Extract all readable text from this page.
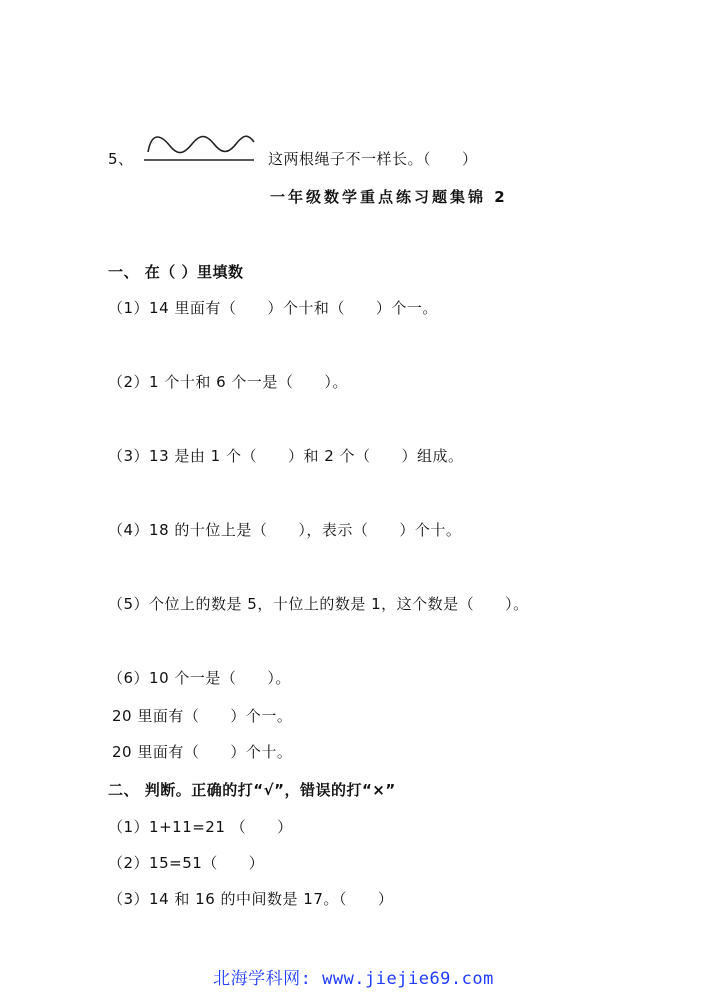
5、	这两根绳子不一样长。（　　）
一年级数学重点练习题集锦 2
一、 在（ ）里填数
（1）14 里面有（　　）个十和（　　）个一。
（2）1 个十和 6 个一是（　　）。
（3）13 是由 1 个（　　）和 2 个（　　）组成。
（4）18 的十位上是（　　），表示（　　）个十。
（5）个位上的数是 5，十位上的数是 1，这个数是（　　）。
（6）10 个一是（　　）。
20 里面有（　　）个一。
20 里面有（　　）个十。
二、 判断。正确的打“√”，错误的打“×”
（1）1+11=21 （　　）
（2）15=51（　　）
（3）14 和 16 的中间数是 17。（　　）
北海学科网: www.jiejie69.com
